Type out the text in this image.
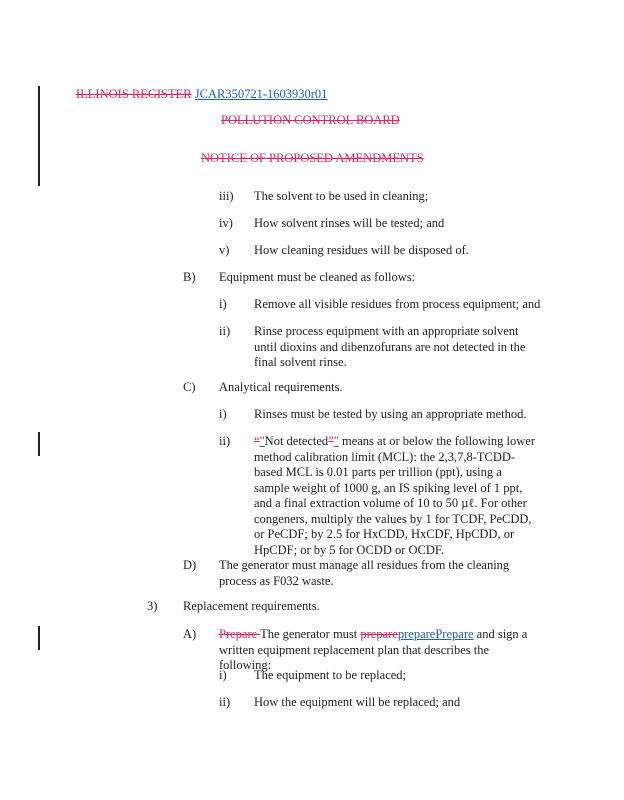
ILLINOIS REGISTER JCAR350721-1603930r01
POLLUTION CONTROL BOARD
NOTICE OF PROPOSED AMENDMENTS
iii) The solvent to be used in cleaning;
iv) How solvent rinses will be tested; and
v) How cleaning residues will be disposed of.
B) Equipment must be cleaned as follows:
i) Remove all visible residues from process equipment; and
ii) Rinse process equipment with an appropriate solvent until dioxins and dibenzofurans are not detected in the final solvent rinse.
C) Analytical requirements.
i) Rinses must be tested by using an appropriate method.
ii) “"Not detected”" means at or below the following lower method calibration limit (MCL): the 2,3,7,8-TCDD-based MCL is 0.01 parts per trillion (ppt), using a sample weight of 1000 g, an IS spiking level of 1 ppt, and a final extraction volume of 10 to 50 µℓ. For other congeners, multiply the values by 1 for TCDF, PeCDD, or PeCDF; by 2.5 for HxCDD, HxCDF, HpCDD, or HpCDF; or by 5 for OCDD or OCDF.
D) The generator must manage all residues from the cleaning process as F032 waste.
3) Replacement requirements.
A) Prepare The generator must preparepreparePrepare and sign a written equipment replacement plan that describes the following:
i) The equipment to be replaced;
ii) How the equipment will be replaced; and
